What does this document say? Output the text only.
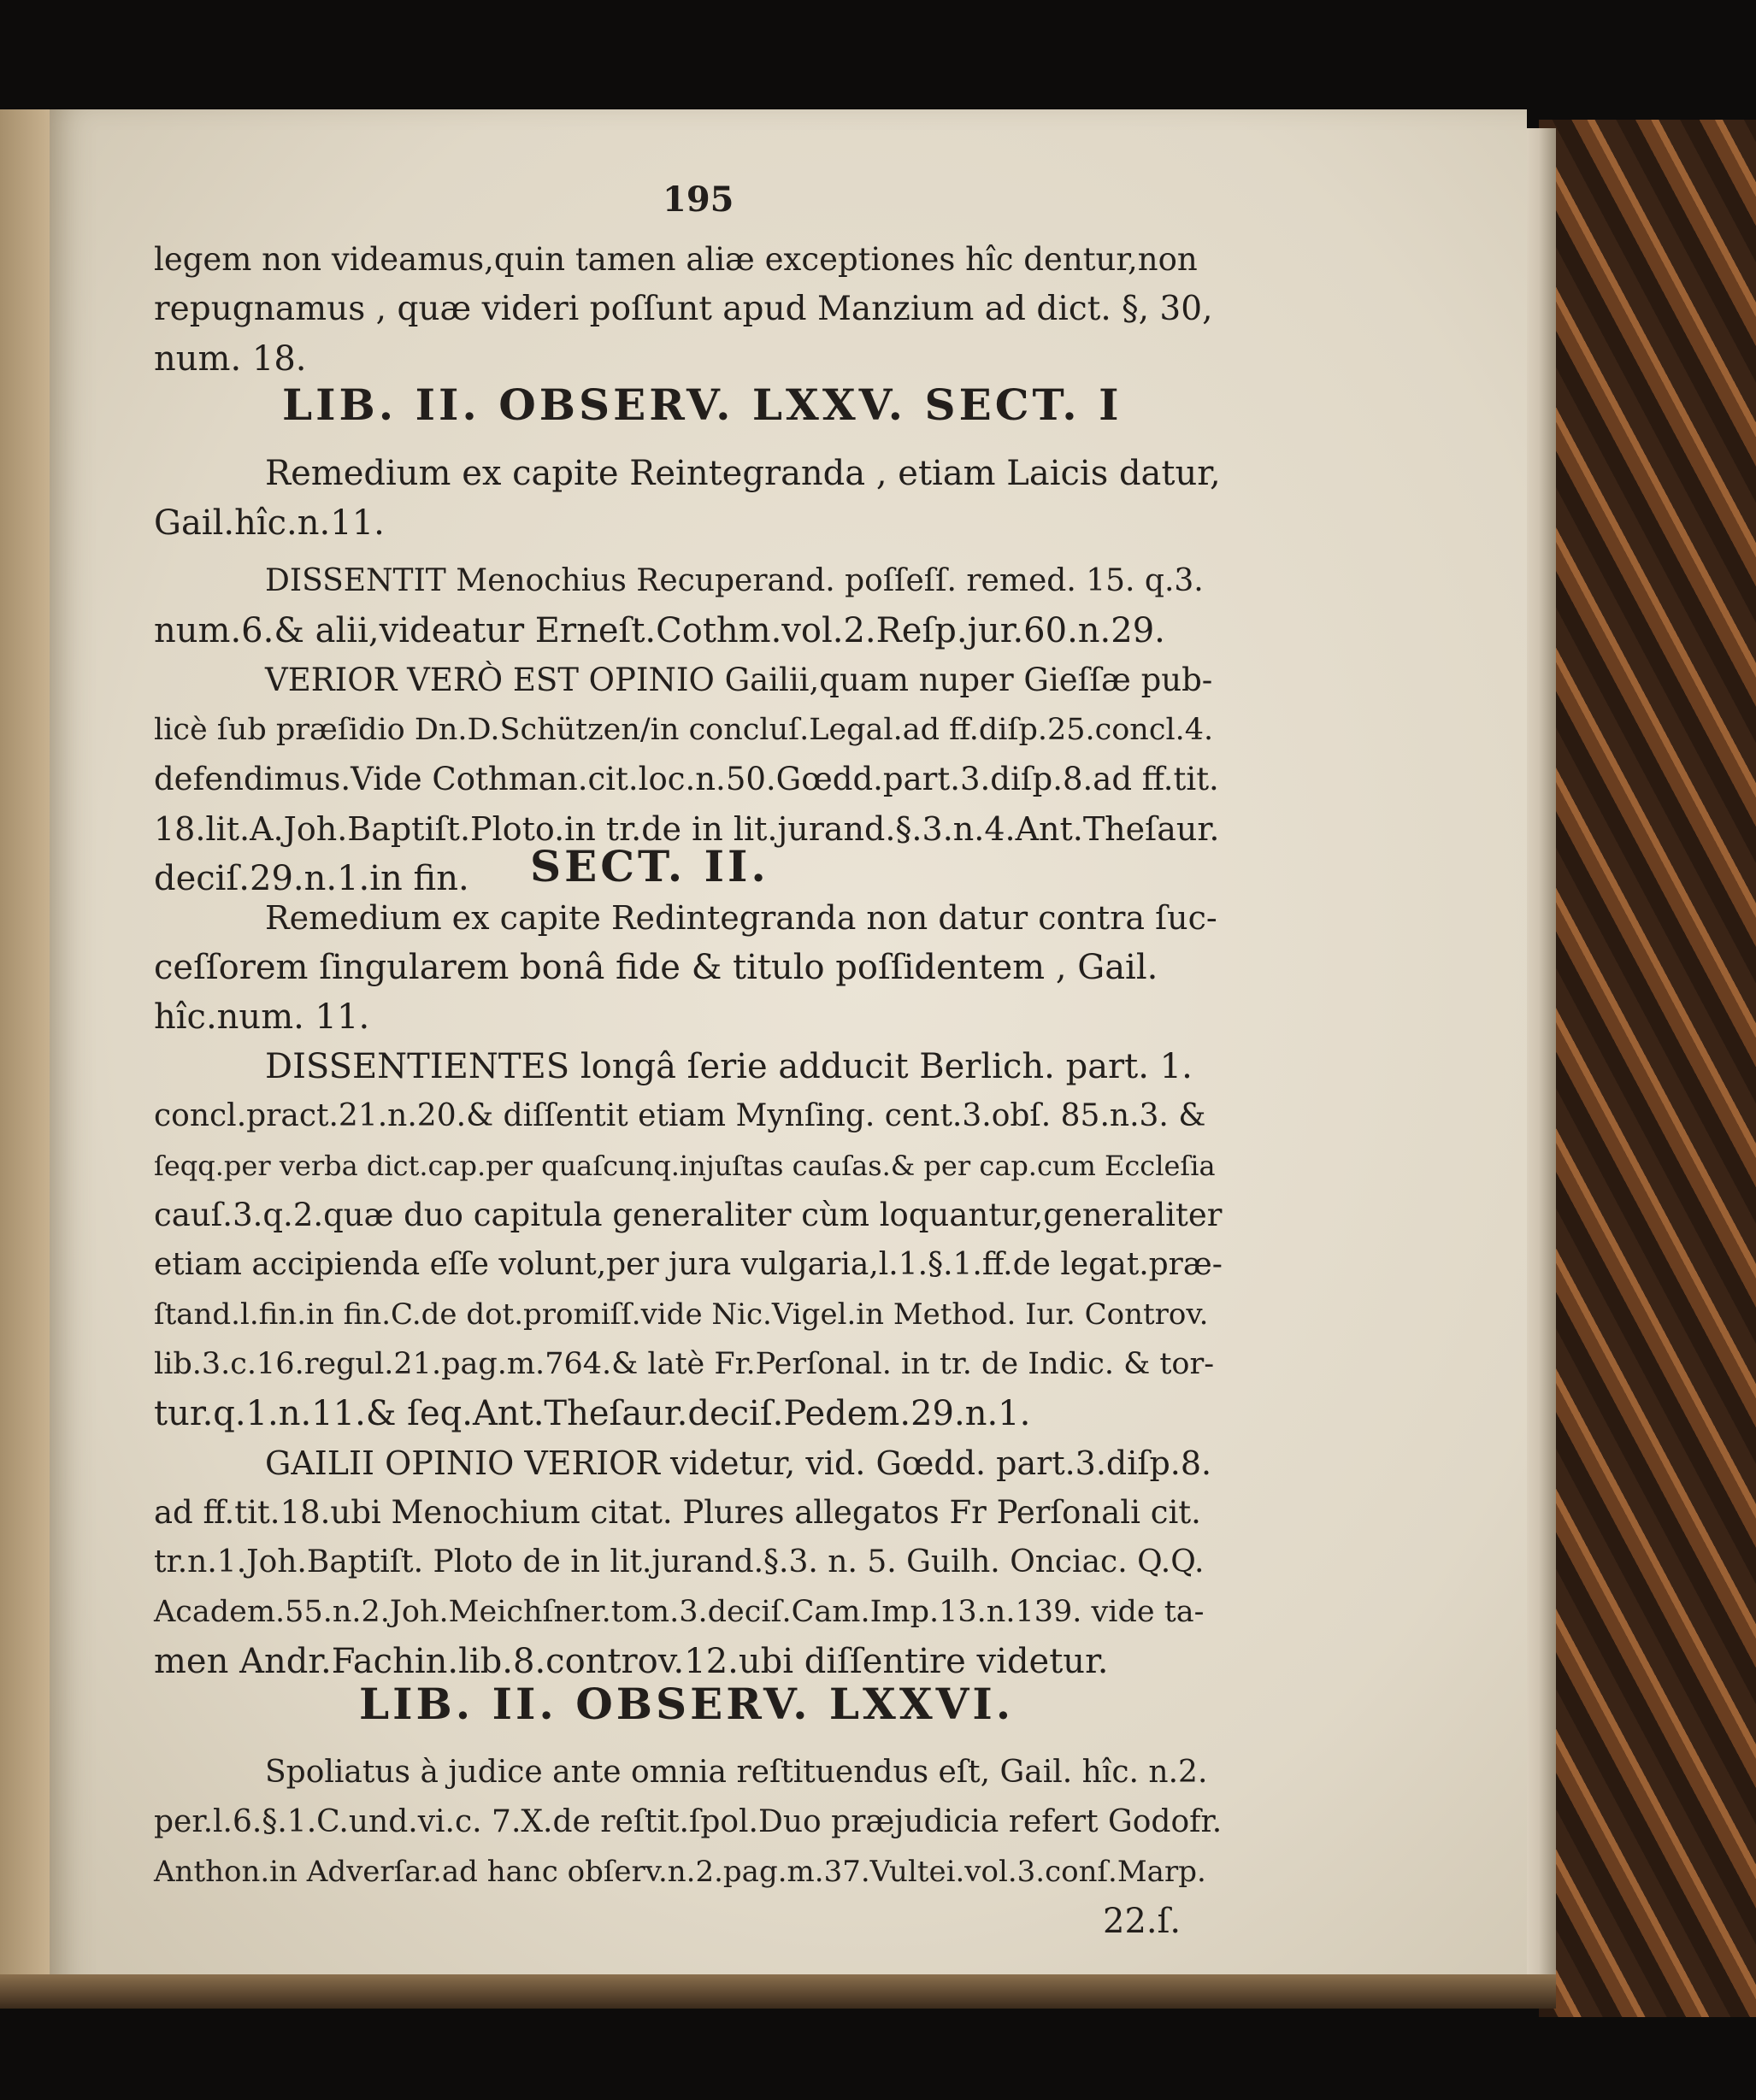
195
legem non videamus,quin tamen aliæ exceptiones hîc dentur,non
repugnamus , quæ videri poſſunt apud Manzium ad dict. §, 30,
num. 18.
LIB. II. OBSERV. LXXV. SECT. I
Remedium ex capite Reintegranda , etiam Laicis datur,
Gail.hîc.n.11.
DISSENTIT Menochius Recuperand. poſſeſſ. remed. 15. q.3.
num.6.& alii,videatur Erneſt.Cothm.vol.2.Reſp.jur.60.n.29.
VERIOR VERÒ EST OPINIO Gailii,quam nuper Gieſſæ pub-
licè ſub præſidio Dn.D.Schützen/in concluſ.Legal.ad ff.diſp.25.concl.4.
defendimus.Vide Cothman.cit.loc.n.50.Gœdd.part.3.diſp.8.ad ff.tit.
18.lit.A.Joh.Baptiſt.Ploto.in tr.de in lit.jurand.§.3.n.4.Ant.Theſaur.
deciſ.29.n.1.in fin. SECT. II.
Remedium ex capite Redintegranda non datur contra ſuc-
ceſſorem ſingularem bonâ fide & titulo poſſidentem , Gail.
hîc.num. 11.
DISSENTIENTES longâ ſerie adducit Berlich. part. 1.
concl.pract.21.n.20.& diſſentit etiam Mynſing. cent.3.obſ. 85.n.3. &
ſeqq.per verba dict.cap.per quaſcunq.injuſtas cauſas.& per cap.cum Eccleſia
cauſ.3.q.2.quæ duo capitula generaliter cùm loquantur,generaliter
etiam accipienda eſſe volunt,per jura vulgaria,l.1.§.1.ff.de legat.præ-
ſtand.l.fin.in fin.C.de dot.promiſſ.vide Nic.Vigel.in Method. Iur. Controv.
lib.3.c.16.regul.21.pag.m.764.& latè Fr.Perſonal. in tr. de Indic. & tor-
tur.q.1.n.11.& ſeq.Ant.Theſaur.deciſ.Pedem.29.n.1.
GAILII OPINIO VERIOR videtur, vid. Gœdd. part.3.diſp.8.
ad ff.tit.18.ubi Menochium citat. Plures allegatos Fr Perſonali cit.
tr.n.1.Joh.Baptiſt. Ploto de in lit.jurand.§.3. n. 5. Guilh. Onciac. Q.Q.
Academ.55.n.2.Joh.Meichſner.tom.3.deciſ.Cam.Imp.13.n.139. vide ta-
men Andr.Fachin.lib.8.controv.12.ubi diſſentire videtur.
LIB. II. OBSERV. LXXVI.
Spoliatus à judice ante omnia reſtituendus eſt, Gail. hîc. n.2.
per.l.6.§.1.C.und.vi.c. 7.X.de reſtit.ſpol.Duo præjudicia refert Godofr.
Anthon.in Adverſar.ad hanc obſerv.n.2.pag.m.37.Vultei.vol.3.conſ.Marp.
22.ſ.
